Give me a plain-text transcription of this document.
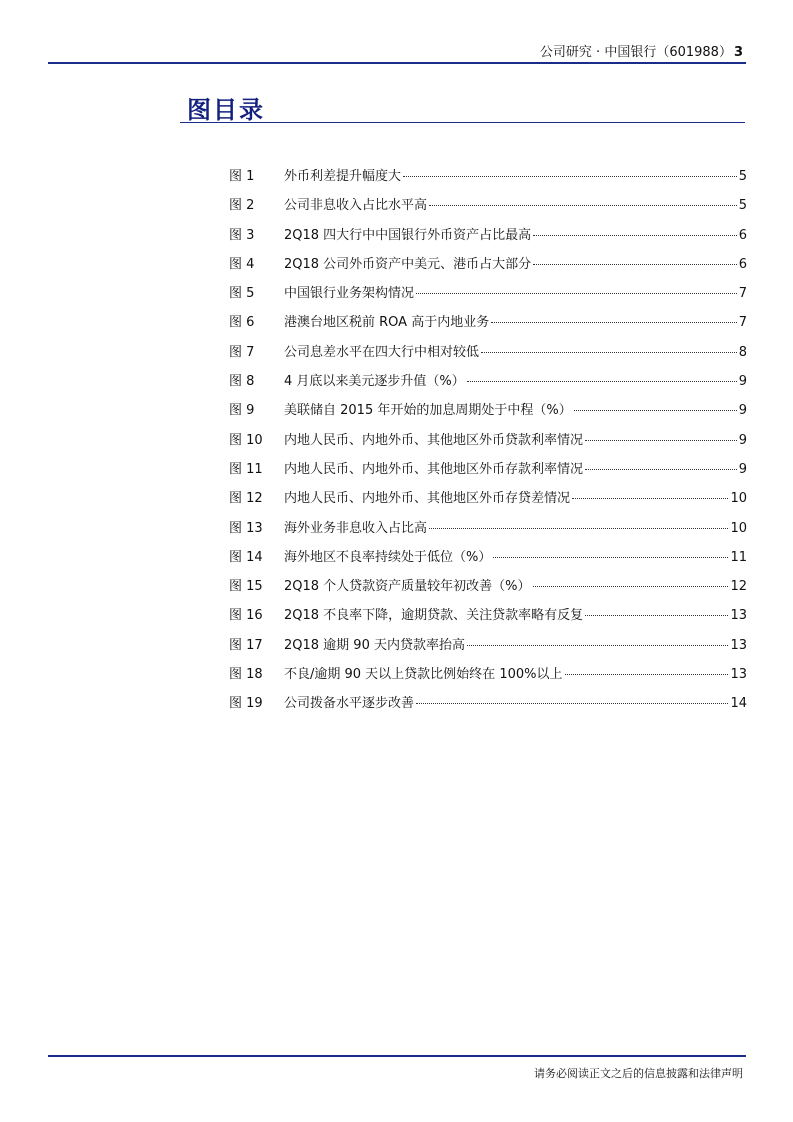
公司研究 · 中国银行（601988） 3
图目录
图 1	外币利差提升幅度大	5
图 2	公司非息收入占比水平高	5
图 3	2Q18 四大行中中国银行外币资产占比最高	6
图 4	2Q18 公司外币资产中美元、港币占大部分	6
图 5	中国银行业务架构情况	7
图 6	港澳台地区税前 ROA 高于内地业务	7
图 7	公司息差水平在四大行中相对较低	8
图 8	4 月底以来美元逐步升值（%）	9
图 9	美联储自 2015 年开始的加息周期处于中程（%）	9
图 10	内地人民币、内地外币、其他地区外币贷款利率情况	9
图 11	内地人民币、内地外币、其他地区外币存款利率情况	9
图 12	内地人民币、内地外币、其他地区外币存贷差情况	10
图 13	海外业务非息收入占比高	10
图 14	海外地区不良率持续处于低位（%）	11
图 15	2Q18 个人贷款资产质量较年初改善（%）	12
图 16	2Q18 不良率下降，逾期贷款、关注贷款率略有反复	13
图 17	2Q18 逾期 90 天内贷款率抬高	13
图 18	不良/逾期 90 天以上贷款比例始终在 100%以上	13
图 19	公司拨备水平逐步改善	14
请务必阅读正文之后的信息披露和法律声明
